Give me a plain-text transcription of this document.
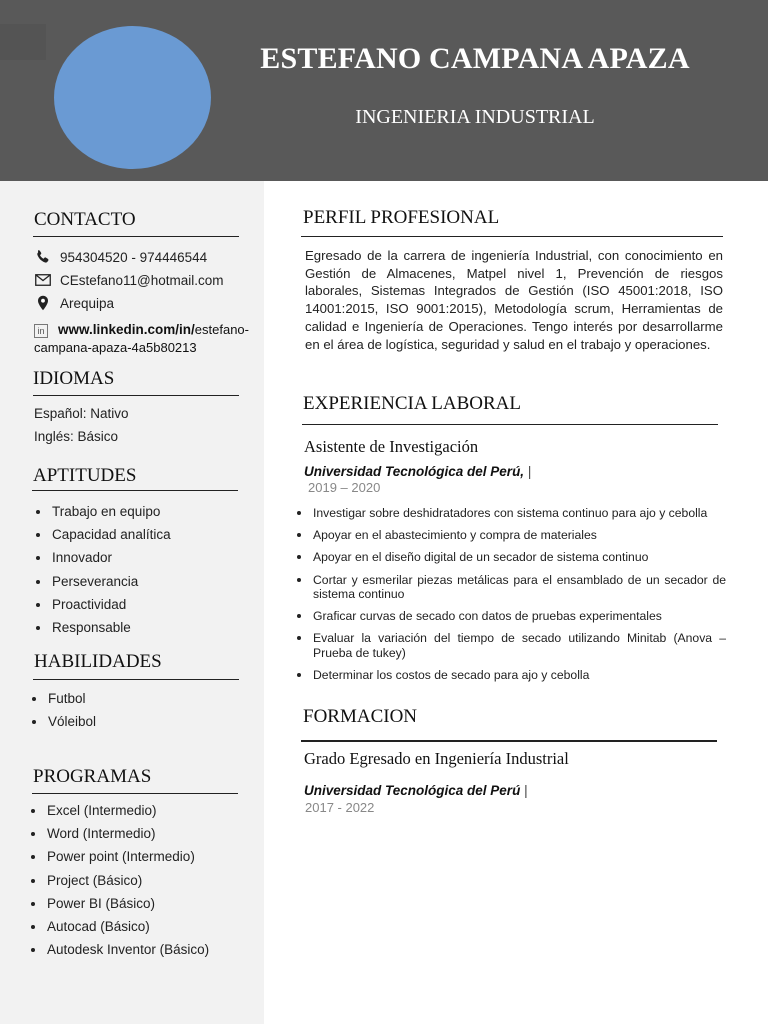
ESTEFANO CAMPANA APAZA
INGENIERIA INDUSTRIAL
CONTACTO
954304520 - 974446544
CEstefano11@hotmail.com
Arequipa
in www.linkedin.com/in/estefano-
campana-apaza-4a5b80213
IDIOMAS
Español: Nativo
Inglés: Básico
APTITUDES
Trabajo en equipo
Capacidad analítica
Innovador
Perseverancia
Proactividad
Responsable
HABILIDADES
Futbol
Vóleibol
PROGRAMAS
Excel (Intermedio)
Word (Intermedio)
Power point (Intermedio)
Project (Básico)
Power BI (Básico)
Autocad (Básico)
Autodesk Inventor (Básico)
PERFIL PROFESIONAL
Egresado de la carrera de ingeniería Industrial, con conocimiento en Gestión de Almacenes, Matpel nivel 1, Prevención de riesgos laborales, Sistemas Integrados de Gestión (ISO 45001:2018, ISO 14001:2015, ISO 9001:2015), Metodología scrum, Herramientas de calidad e Ingeniería de Operaciones. Tengo interés por desarrollarme en el área de logística, seguridad y salud en el trabajo y operaciones.
EXPERIENCIA LABORAL
Asistente de Investigación
Universidad Tecnológica del Perú, |
2019 – 2020
Investigar sobre deshidratadores con sistema continuo para ajo y cebolla
Apoyar en el abastecimiento y compra de materiales
Apoyar en el diseño digital de un secador de sistema continuo
Cortar y esmerilar piezas metálicas para el ensamblado de un secador de sistema continuo
Graficar curvas de secado con datos de pruebas experimentales
Evaluar la variación del tiempo de secado utilizando Minitab (Anova – Prueba de tukey)
Determinar los costos de secado para ajo y cebolla
FORMACION
Grado Egresado en Ingeniería Industrial
Universidad Tecnológica del Perú |
2017 - 2022
